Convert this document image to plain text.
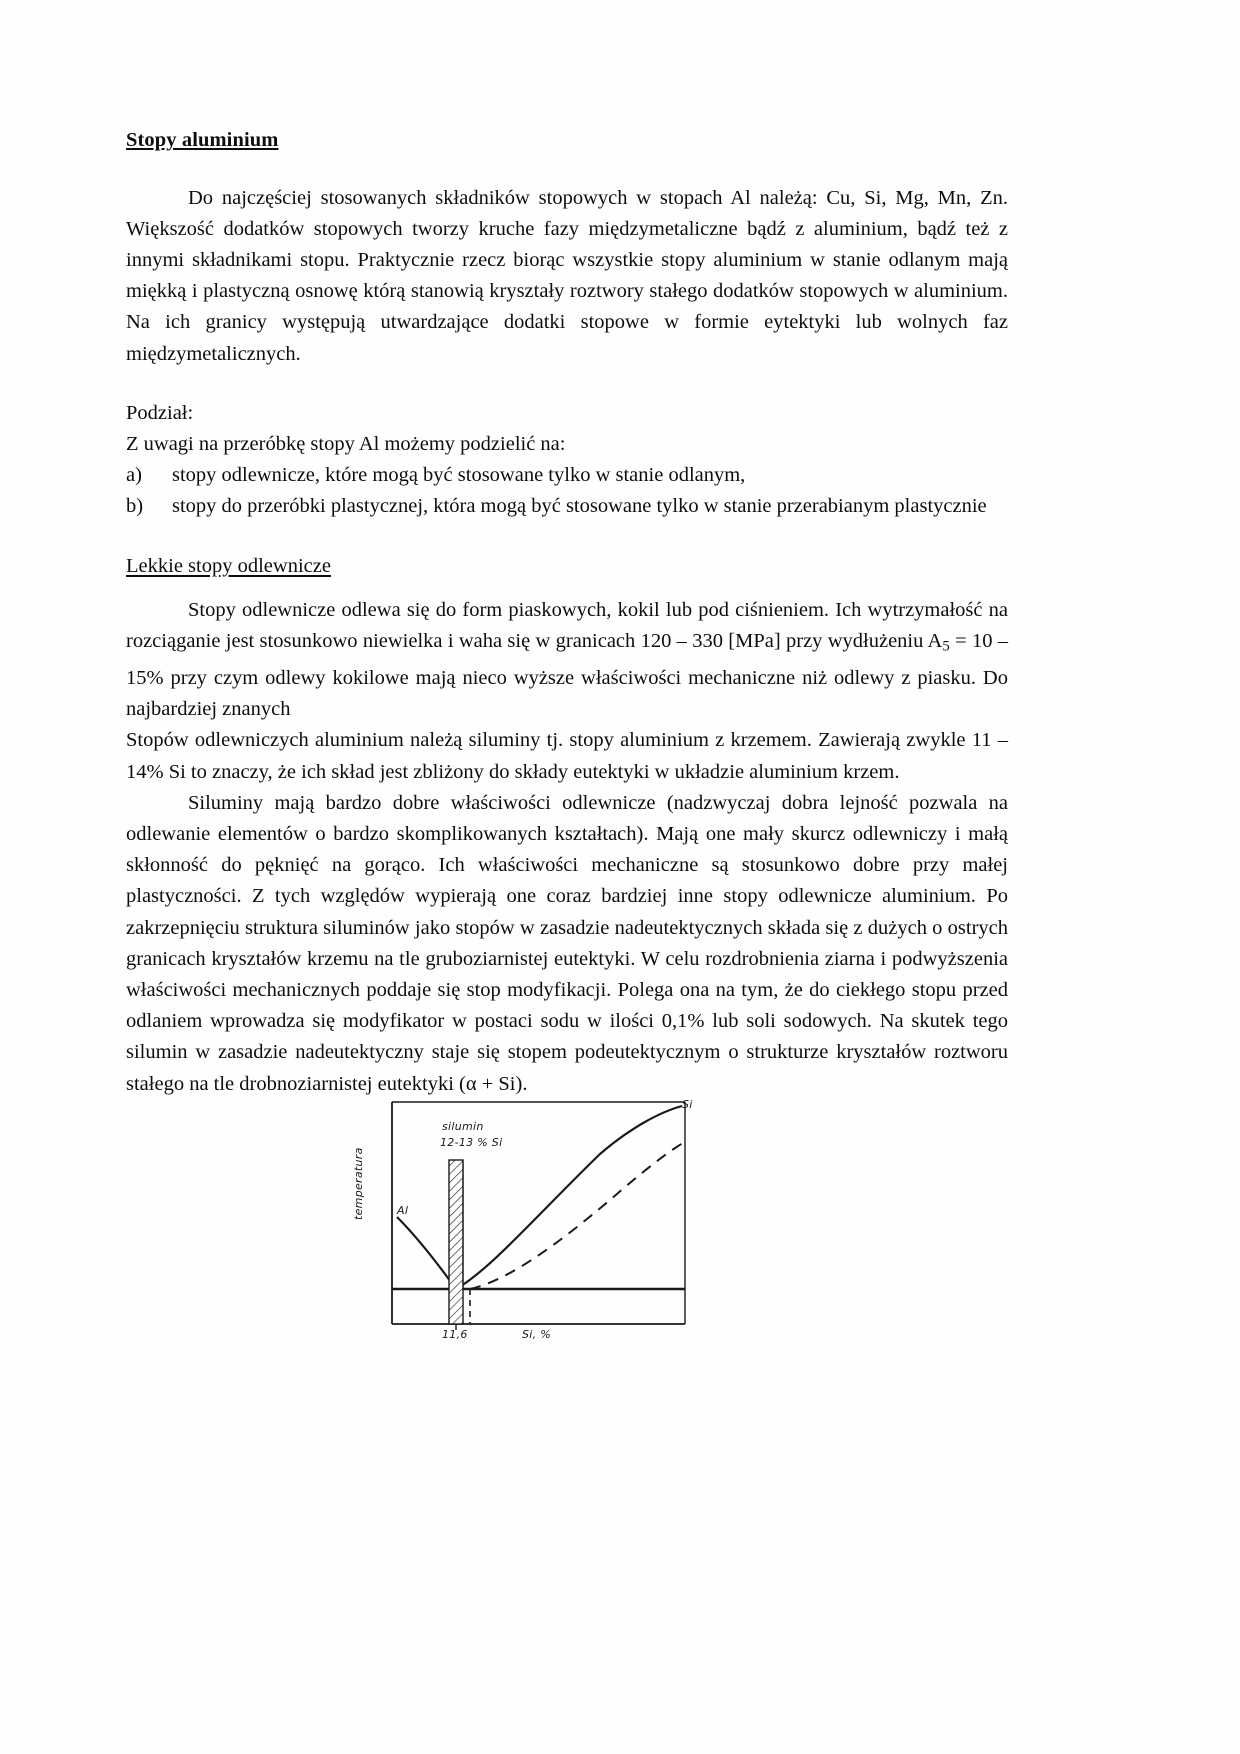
Stopy aluminium

Do najczęściej stosowanych składników stopowych w stopach Al należą: Cu, Si, Mg, Mn, Zn. Większość dodatków stopowych tworzy kruche fazy międzymetaliczne bądź z aluminium, bądź też z innymi składnikami stopu. Praktycznie rzecz biorąc wszystkie stopy aluminium w stanie odlanym mają miękką i plastyczną osnowę którą stanowią kryształy roztwory stałego dodatków stopowych w aluminium. Na ich granicy występują utwardzające dodatki stopowe w formie eytektyki lub wolnych faz międzymetalicznych.

Podział:

Z uwagi na przeróbkę stopy Al możemy podzielić na:

a)	stopy odlewnicze, które mogą być stosowane tylko w stanie odlanym,
b)	stopy do przeróbki plastycznej, która mogą być stosowane tylko w stanie przerabianym plastycznie

Lekkie stopy odlewnicze

Stopy odlewnicze odlewa się do form piaskowych, kokil lub pod ciśnieniem. Ich wytrzymałość na rozciąganie jest stosunkowo niewielka i waha się w granicach 120 – 330 [MPa] przy wydłużeniu $A_5 = 10 - 15\%$ przy czym odlewy kokilowe mają nieco wyższe właściwości mechaniczne niż odlewy z piasku. Do najbardziej znanych

Stopów odlewniczych aluminium należą siluminy tj. stopy aluminium z krzemem. Zawierają zwykle 11 – 14% Si to znaczy, że ich skład jest zbliżony do składy eutektyki w układzie aluminium krzem.

Siluminy mają bardzo dobre właściwości odlewnicze (nadzwyczaj dobra lejność pozwala na odlewanie elementów o bardzo skomplikowanych kształtach). Mają one mały skurcz odlewniczy i małą skłonność do pęknięć na gorąco. Ich właściwości mechaniczne są stosunkowo dobre przy małej plastyczności. Z tych względów wypierają one coraz bardziej inne stopy odlewnicze aluminium. Po zakrzepnięciu struktura siluminów jako stopów w zasadzie nadeutektycznych składa się z dużych o ostrych granicach kryształów krzemu na tle gruboziarnistej eutektyki. W celu rozdrobnienia ziarna i podwyższenia właściwości mechanicznych poddaje się stop modyfikacji. Polega ona na tym, że do ciekłego stopu przed odlaniem wprowadza się modyfikator w postaci sodu w ilości 0,1% lub soli sodowych. Na skutek tego silumin w zasadzie nadeutektyczny staje się stopem podeutektycznym o strukturze kryształów roztworu stałego na tle drobnoziarnistej eutektyki (α + Si).

silumin
12-13 % Si
Si
Al
11,6	Si, %
temperatura
